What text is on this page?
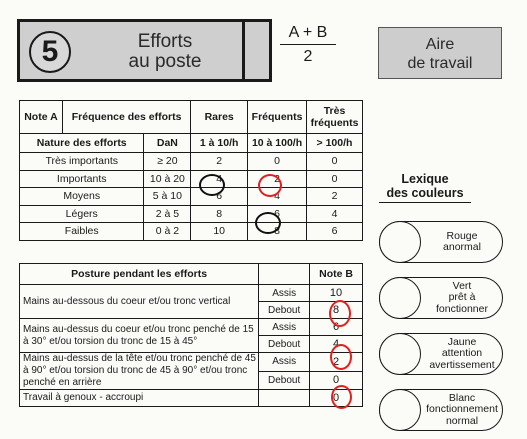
5	Efforts
au poste	$\frac{A + B}{2}$	Aire
de travail
Note A	Fréquence des efforts		Rares	Fréquents	Très fréquents
Nature des efforts		DaN	1 à 10/h	10 à 100/h	> 100/h
Très importants		≥ 20	2	0	0
Importants		10 à 20	4	2	0
Moyens		5 à 10	6	4	2
Légers		2 à 5	8	6	4
Faibles		0 à 2	10	8	6
Posture pendant les efforts		Note B
Mains au-dessous du coeur et/ou tronc vertical	Assis	10
	Debout	8
Mains au-dessus du coeur et/ou tronc penché de 15 à 30° et/ou torsion du tronc de 15 à 45°	Assis	6
	Debout	4
Mains au-dessus de la tête et/ou tronc penché de 45 à 90° et/ou torsion du tronc de 45 à 90° et/ou tronc penché en arrière	Assis	2
	Debout	0
Travail à genoux - accroupi		0
Lexique
des couleurs
Rouge
anormal
Vert
prêt à
fonctionner
Jaune
attention
avertissement
Blanc
fonctionnement
normal
